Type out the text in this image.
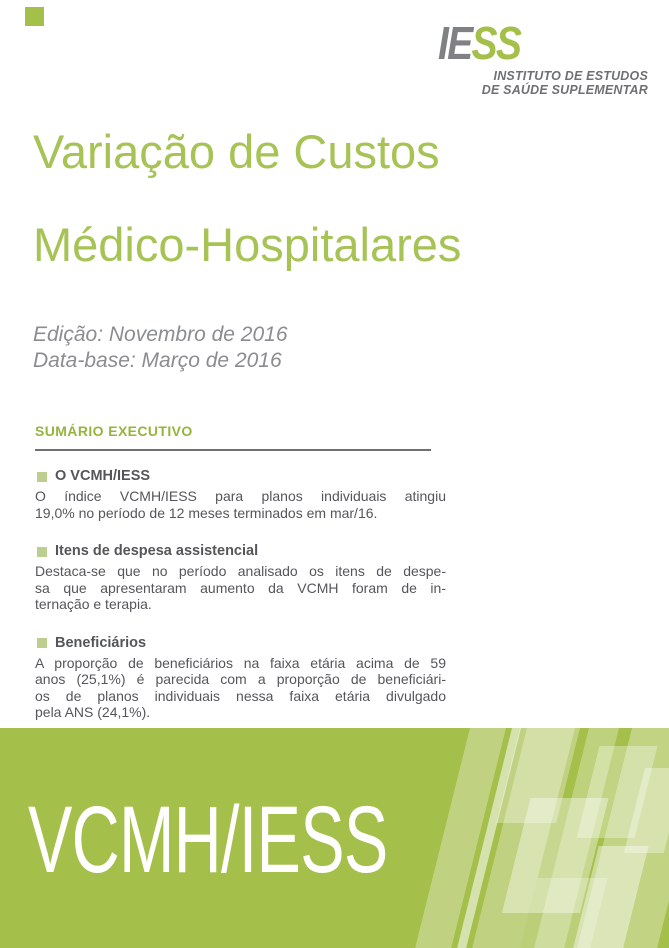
IESS
INSTITUTO DE ESTUDOS
DE SAÚDE SUPLEMENTAR
Variação de Custos
Médico-Hospitalares
Edição: Novembro de 2016
Data-base: Março de 2016
SUMÁRIO EXECUTIVO
O VCMH/IESS
O índice VCMH/IESS para planos individuais atingiu
19,0% no período de 12 meses terminados em mar/16.
Itens de despesa assistencial
Destaca-se que no período analisado os itens de despe-
sa que apresentaram aumento da VCMH foram de in-
ternação e terapia.
Beneficiários
A proporção de beneficiários na faixa etária acima de 59
anos (25,1%) é parecida com a proporção de beneficiári-
os de planos individuais nessa faixa etária divulgado
pela ANS (24,1%).
VCMH/IESS
